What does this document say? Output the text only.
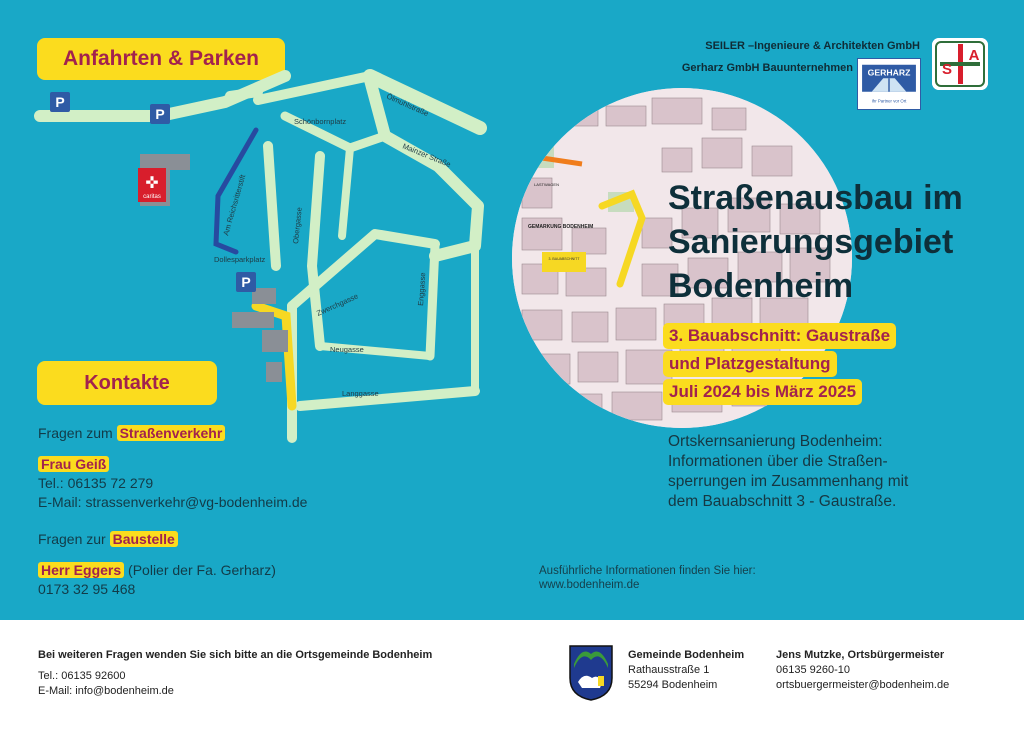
Anfahrten & Parken
caritas
✜
P
P
P
Ölmühlstraße
Schönbornplatz
Mainzer Straße
Am Reichsritterstift	Obergasse
Dollesparkplatz
Zwerchgasse	Enggasse
Neugasse
Langgasse
Kontakte
Fragen zum Straßenverkehr
Frau Geiß
Tel.: 06135 72 279
E-Mail: strassenverkehr@vg-bodenheim.de
Fragen zur Baustelle
Herr Eggers (Polier der Fa. Gerharz)
0173 32 95 468
SEILER –Ingenieure & Architekten GmbH
Gerharz GmbH Bauunternehmen GERHARZ
Ihr Partner vor Ort
S
A
3. BAUABSCHNITT
GEMARKUNG BODENHEIM
LASTWAGEN	Straßenausbau im
Sanierungsgebiet
Bodenheim
3. Bauabschnitt: Gaustraße
und Platzgestaltung
Juli 2024 bis März 2025
Ortskernsanierung Bodenheim:
Informationen über die Straßen-
sperrungen im Zusammenhang mit
dem Bauabschnitt 3 - Gaustraße.
Ausführliche Informationen finden Sie hier:
www.bodenheim.de
Bei weiteren Fragen wenden Sie sich bitte an die Ortsgemeinde Bodenheim
Tel.: 06135 92600
E-Mail: info@bodenheim.de
Gemeinde Bodenheim
Rathausstraße 1
55294 Bodenheim
Jens Mutzke, Ortsbürgermeister
06135 9260-10
ortsbuergermeister@bodenheim.de
